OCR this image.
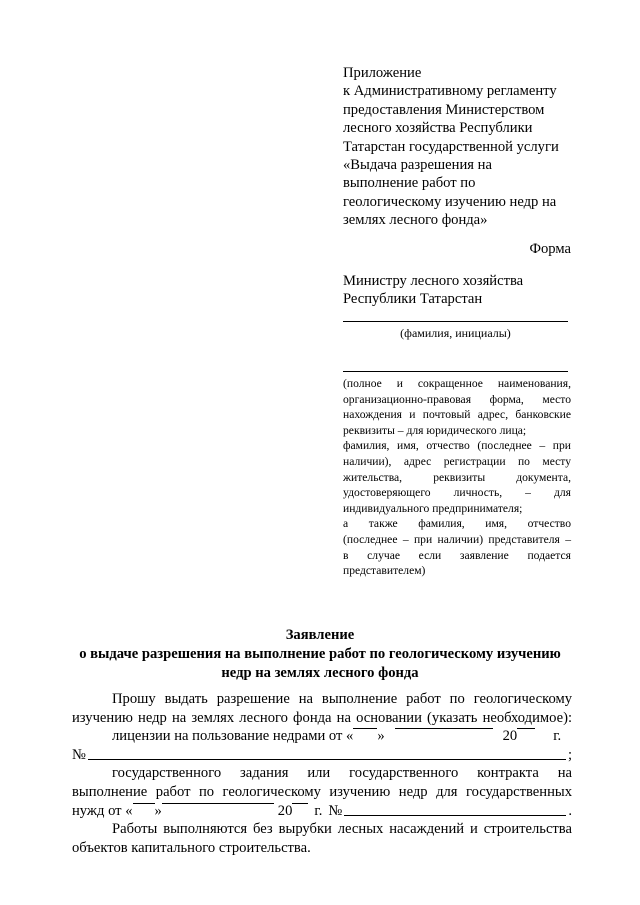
Приложение
к Административному регламенту
предоставления Министерством
лесного хозяйства Республики
Татарстан государственной услуги
«Выдача разрешения на
выполнение работ по
геологическому изучению недр на
землях лесного фонда»
Форма
Министру лесного хозяйства
Республики Татарстан
(фамилия, инициалы)
(полное и сокращенное наименования,
организационно-правовая форма, место
нахождения и почтовый адрес, банковские
реквизиты – для юридического лица;
фамилия, имя, отчество (последнее – при
наличии), адрес регистрации по месту
жительства, реквизиты документа,
удостоверяющего личность, – для
индивидуального предпринимателя;
а также фамилия, имя, отчество
(последнее – при наличии) представителя –
в случае если заявление подается
представителем)
Заявление
о выдаче разрешения на выполнение работ по геологическому изучению
недр на землях лесного фонда
Прошу выдать разрешение на выполнение работ по геологическому
изучению недр на землях лесного фонда на основании (указать необходимое):
лицензии на пользование недрами от « »	20 г.
№	;
государственного задания или государственного контракта на
выполнение работ по геологическому изучению недр для государственных
нужд от « »	20 г. №	.
Работы выполняются без вырубки лесных насаждений и строительства
объектов капитального строительства.
